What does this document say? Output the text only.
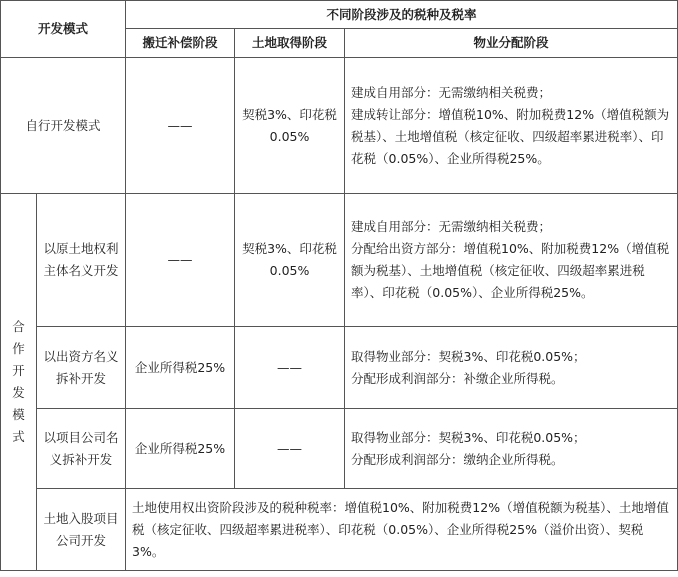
开发模式		不同阶段涉及的税种及税率		
		搬迁补偿阶段	土地取得阶段	物业分配阶段
自行开发模式		——	契税3%、印花税0.05%	建成自用部分：无需缴纳相关税费；
建成转让部分：增值税10%、附加税费12%（增值税额为税基）、土地增值税（核定征收、四级超率累进税率）、印花税（0.05%）、企业所得税25%。

合作开发模式	以原土地权利主体名义开发	——	契税3%、印花税0.05%	建成自用部分：无需缴纳相关税费；
分配给出资方部分：增值税10%、附加税费12%（增值税额为税基）、土地增值税（核定征收、四级超率累进税率）、印花税（0.05%）、企业所得税25%。

	以出资方名义拆补开发	企业所得税25%	——	取得物业部分：契税3%、印花税0.05%；
分配形成利润部分：补缴企业所得税。

	以项目公司名义拆补开发	企业所得税25%	——	取得物业部分：契税3%、印花税0.05%；
分配形成利润部分：缴纳企业所得税。

	土地入股项目公司开发	土地使用权出资阶段涉及的税种税率：增值税10%、附加税费12%（增值税额为税基）、土地增值税（核定征收、四级超率累进税率）、印花税（0.05%）、企业所得税25%（溢价出资）、契税3%。		
